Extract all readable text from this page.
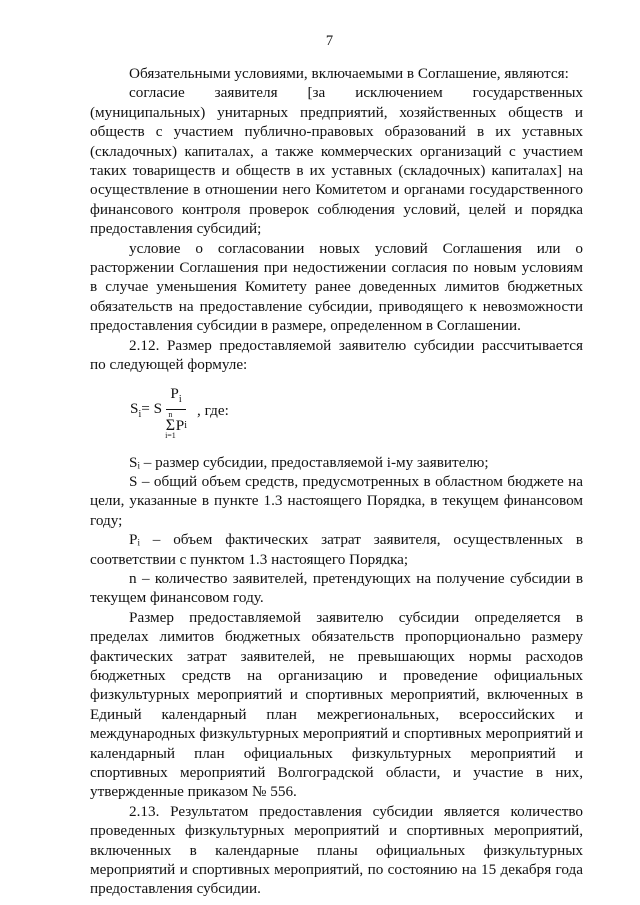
7

Обязательными условиями, включаемыми в Соглашение, являются:

согласие заявителя [за исключением государственных (муниципальных) унитарных предприятий, хозяйственных обществ и обществ с участием публично-правовых образований в их уставных (складочных) капиталах, а также коммерческих организаций с участием таких товариществ и обществ в их уставных (складочных) капиталах] на осуществление в отношении него Комитетом и органами государственного финансового контроля проверок соблюдения условий, целей и порядка предоставления субсидий;

условие о согласовании новых условий Соглашения или о расторжении Соглашения при недостижении согласия по новым условиям в случае уменьшения Комитету ранее доведенных лимитов бюджетных обязательств на предоставление субсидии, приводящего к невозможности предоставления субсидии в размере, определенном в Соглашении.

2.12. Размер предоставляемой заявителю субсидии рассчитывается по следующей формуле:

$S_i= S$ $P_i$
n
Σ
i=1
P i , где:

Sᵢ – размер субсидии, предоставляемой i-му заявителю;

S – общий объем средств, предусмотренных в областном бюджете на цели, указанные в пункте 1.3 настоящего Порядка, в текущем финансовом году;

Pᵢ – объем фактических затрат заявителя, осуществленных в соответствии с пунктом 1.3 настоящего Порядка;

n – количество заявителей, претендующих на получение субсидии в текущем финансовом году.

Размер предоставляемой заявителю субсидии определяется в пределах лимитов бюджетных обязательств пропорционально размеру фактических затрат заявителей, не превышающих нормы расходов бюджетных средств на организацию и проведение официальных физкультурных мероприятий и спортивных мероприятий, включенных в Единый календарный план межрегиональных, всероссийских и международных физкультурных мероприятий и спортивных мероприятий и календарный план официальных физкультурных мероприятий и спортивных мероприятий Волгоградской области, и участие в них, утвержденные приказом № 556.

2.13. Результатом предоставления субсидии является количество проведенных физкультурных мероприятий и спортивных мероприятий, включенных в календарные планы официальных физкультурных мероприятий и спортивных мероприятий, по состоянию на 15 декабря года предоставления субсидии.
